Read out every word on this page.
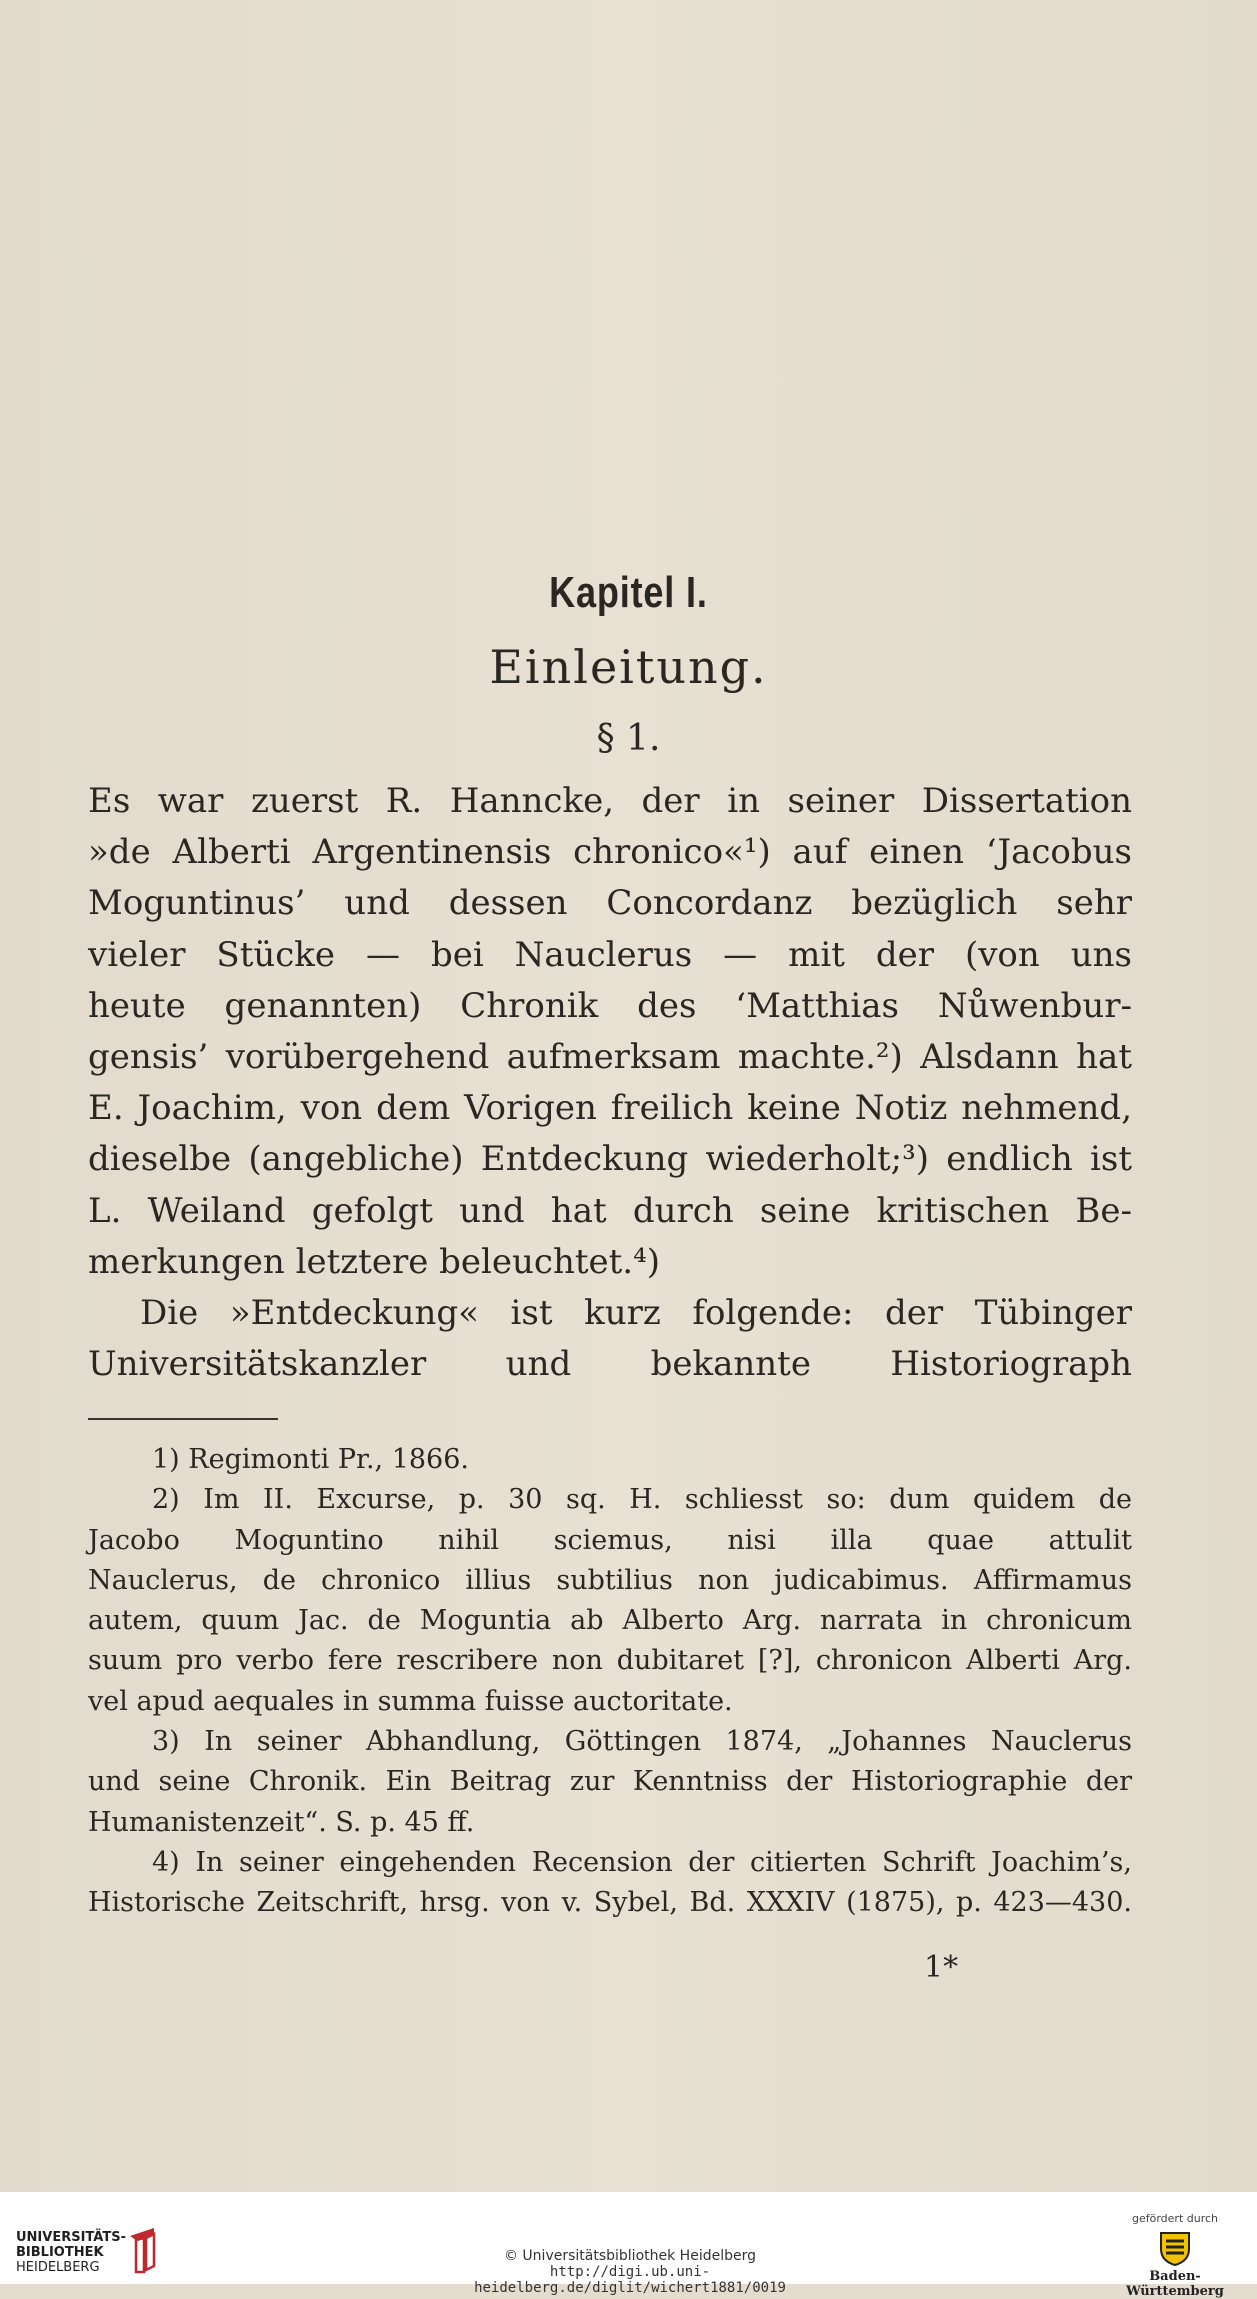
Kapitel I.
Einleitung.
§ 1.
Es war zuerst R. Hanncke, der in seiner Dissertation
»de Alberti Argentinensis chronico«¹) auf einen ‘Jacobus
Moguntinus’ und dessen Concordanz bezüglich sehr
vieler Stücke — bei Nauclerus — mit der (von uns
heute genannten) Chronik des ‘Matthias Nůwenbur-
gensis’ vorübergehend aufmerksam machte.²) Alsdann hat
E. Joachim, von dem Vorigen freilich keine Notiz nehmend,
dieselbe (angebliche) Entdeckung wiederholt;³) endlich ist
L. Weiland gefolgt und hat durch seine kritischen Be-
merkungen letztere beleuchtet.⁴)
Die »Entdeckung« ist kurz folgende: der Tübinger
Universitätskanzler und bekannte Historiograph
1) Regimonti Pr., 1866.
2) Im II. Excurse, p. 30 sq. H. schliesst so: dum quidem de
Jacobo Moguntino nihil sciemus, nisi illa quae attulit
Nauclerus, de chronico illius subtilius non judicabimus. Affirmamus
autem, quum Jac. de Moguntia ab Alberto Arg. narrata in chronicum
suum pro verbo fere rescribere non dubitaret [?], chronicon Alberti Arg.
vel apud aequales in summa fuisse auctoritate.
3) In seiner Abhandlung, Göttingen 1874, „Johannes Nauclerus
und seine Chronik. Ein Beitrag zur Kenntniss der Historiographie der
Humanistenzeit“. S. p. 45 ff.
4) In seiner eingehenden Recension der citierten Schrift Joachim’s,
Historische Zeitschrift, hrsg. von v. Sybel, Bd. XXXIV (1875), p. 423—430.
1*
UNIVERSITÄTS-
BIBLIOTHEK
HEIDELBERG
© Universitätsbibliothek Heidelberg
http://digi.ub.uni-heidelberg.de/diglit/wichert1881/0019
gefördert durch
Baden-Württemberg
